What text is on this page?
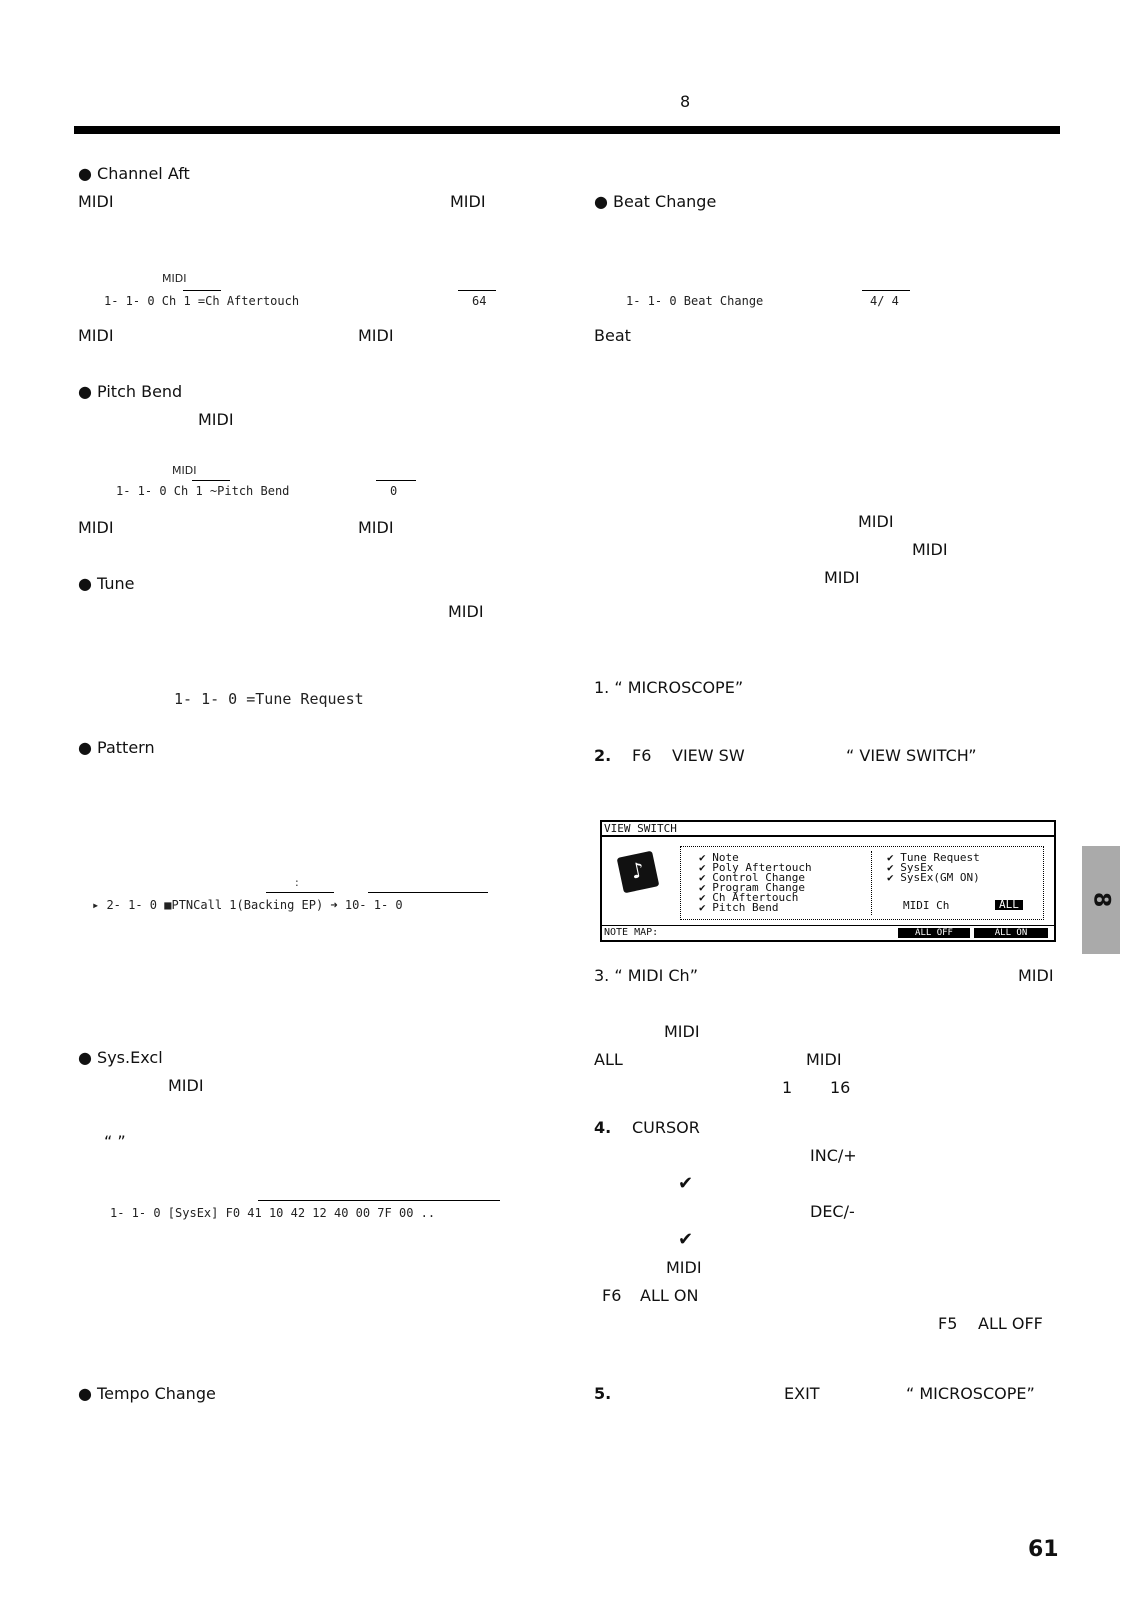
8
● Channel Aft
MIDI	MIDI
MIDI
1- 1- 0 Ch 1 =Ch Aftertouch	64
MIDI	MIDI
● Pitch Bend
MIDI
MIDI
1- 1- 0 Ch 1 ~Pitch Bend	0
MIDI	MIDI
● Tune
MIDI
1- 1- 0 =Tune Request
● Pattern
:
▸ 2- 1- 0 ■PTNCall 1(Backing EP) ➜ 10- 1- 0
● Sys.Excl
MIDI
“ ”
1- 1- 0 [SysEx] F0 41 10 42 12 40 00 7F 00 ..
● Tempo Change
● Beat Change
1- 1- 0 Beat Change	4/ 4
Beat
MIDI
MIDI
MIDI
1. “ MICROSCOPE”
2. F6 VIEW SW	“ VIEW SWITCH”
VIEW SWITCH
♪
✔ Note
✔ Poly Aftertouch
✔ Control Change
✔ Program Change
✔ Ch Aftertouch
✔ Pitch Bend
✔ Tune Request
✔ SysEx
✔ SysEx(GM ON)
MIDI Ch	ALL
NOTE MAP:	ALL OFF	ALL ON
3. “ MIDI Ch”	MIDI
MIDI
ALL	MIDI
1 16
4. CURSOR
INC/+
✔
DEC/-
✔
MIDI
F6 ALL ON
F5 ALL OFF
5.	EXIT	“ MICROSCOPE”
8
61
